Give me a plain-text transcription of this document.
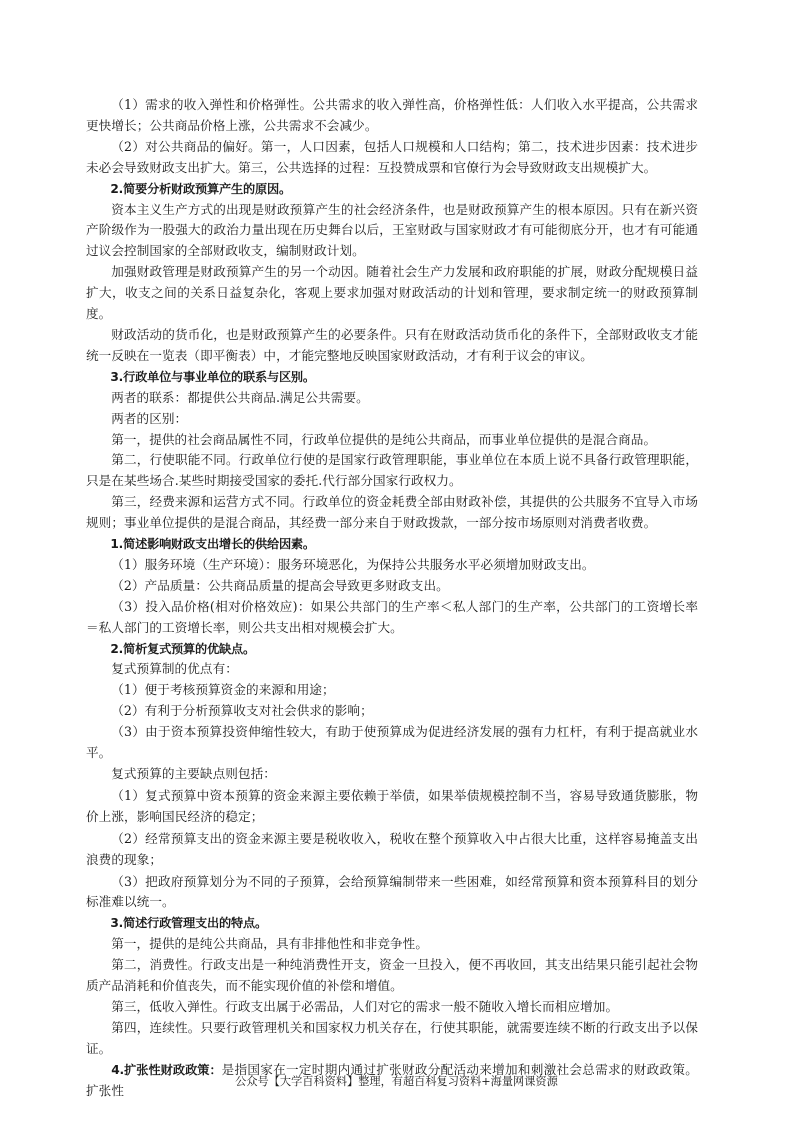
（1）需求的收入弹性和价格弹性。公共需求的收入弹性高，价格弹性低：人们收入水平提高，公共需求更快增长；公共商品价格上涨，公共需求不会减少。

（2）对公共商品的偏好。第一，人口因素，包括人口规模和人口结构；第二，技术进步因素：技术进步未必会导致财政支出扩大。第三，公共选择的过程：互投赞成票和官僚行为会导致财政支出规模扩大。

2.简要分析财政预算产生的原因。

资本主义生产方式的出现是财政预算产生的社会经济条件，也是财政预算产生的根本原因。只有在新兴资产阶级作为一股强大的政治力量出现在历史舞台以后，王室财政与国家财政才有可能彻底分开，也才有可能通过议会控制国家的全部财政收支，编制财政计划。

加强财政管理是财政预算产生的另一个动因。随着社会生产力发展和政府职能的扩展，财政分配规模日益扩大，收支之间的关系日益复杂化，客观上要求加强对财政活动的计划和管理，要求制定统一的财政预算制度。

财政活动的货币化，也是财政预算产生的必要条件。只有在财政活动货币化的条件下，全部财政收支才能统一反映在一览表（即平衡表）中，才能完整地反映国家财政活动，才有利于议会的审议。

3.行政单位与事业单位的联系与区别。

两者的联系：都提供公共商品.满足公共需要。

两者的区别：

第一，提供的社会商品属性不同，行政单位提供的是纯公共商品，而事业单位提供的是混合商品。

第二，行使职能不同。行政单位行使的是国家行政管理职能，事业单位在本质上说不具备行政管理职能，只是在某些场合.某些时期接受国家的委托.代行部分国家行政权力。

第三，经费来源和运营方式不同。行政单位的资金耗费全部由财政补偿，其提供的公共服务不宜导入市场规则；事业单位提供的是混合商品，其经费一部分来自于财政拨款，一部分按市场原则对消费者收费。

1.简述影响财政支出增长的供给因素。

（1）服务环境（生产环境）：服务环境恶化，为保持公共服务水平必须增加财政支出。

（2）产品质量：公共商品质量的提高会导致更多财政支出。

（3）投入品价格(相对价格效应)：如果公共部门的生产率＜私人部门的生产率，公共部门的工资增长率＝私人部门的工资增长率，则公共支出相对规模会扩大。

2.简析复式预算的优缺点。

复式预算制的优点有：

（1）便于考核预算资金的来源和用途；

（2）有利于分析预算收支对社会供求的影响；

（3）由于资本预算投资伸缩性较大，有助于使预算成为促进经济发展的强有力杠杆，有利于提高就业水平。

复式预算的主要缺点则包括：

（1）复式预算中资本预算的资金来源主要依赖于举债，如果举债规模控制不当，容易导致通货膨胀，物价上涨，影响国民经济的稳定；

（2）经常预算支出的资金来源主要是税收收入，税收在整个预算收入中占很大比重，这样容易掩盖支出浪费的现象；

（3）把政府预算划分为不同的子预算，会给预算编制带来一些困难，如经常预算和资本预算科目的划分标准难以统一。

3.简述行政管理支出的特点。

第一，提供的是纯公共商品，具有非排他性和非竞争性。

第二，消费性。行政支出是一种纯消费性开支，资金一旦投入，便不再收回，其支出结果只能引起社会物质产品消耗和价值丧失，而不能实现价值的补偿和增值。

第三，低收入弹性。行政支出属于必需品，人们对它的需求一般不随收入增长而相应增加。

第四，连续性。只要行政管理机关和国家权力机关存在，行使其职能，就需要连续不断的行政支出予以保证。

4.扩张性财政政策：是指国家在一定时期内通过扩张财政分配活动来增加和刺激社会总需求的财政政策。扩张性

公众号【大学百科资料】整理，有超百科复习资料+海量网课资源
